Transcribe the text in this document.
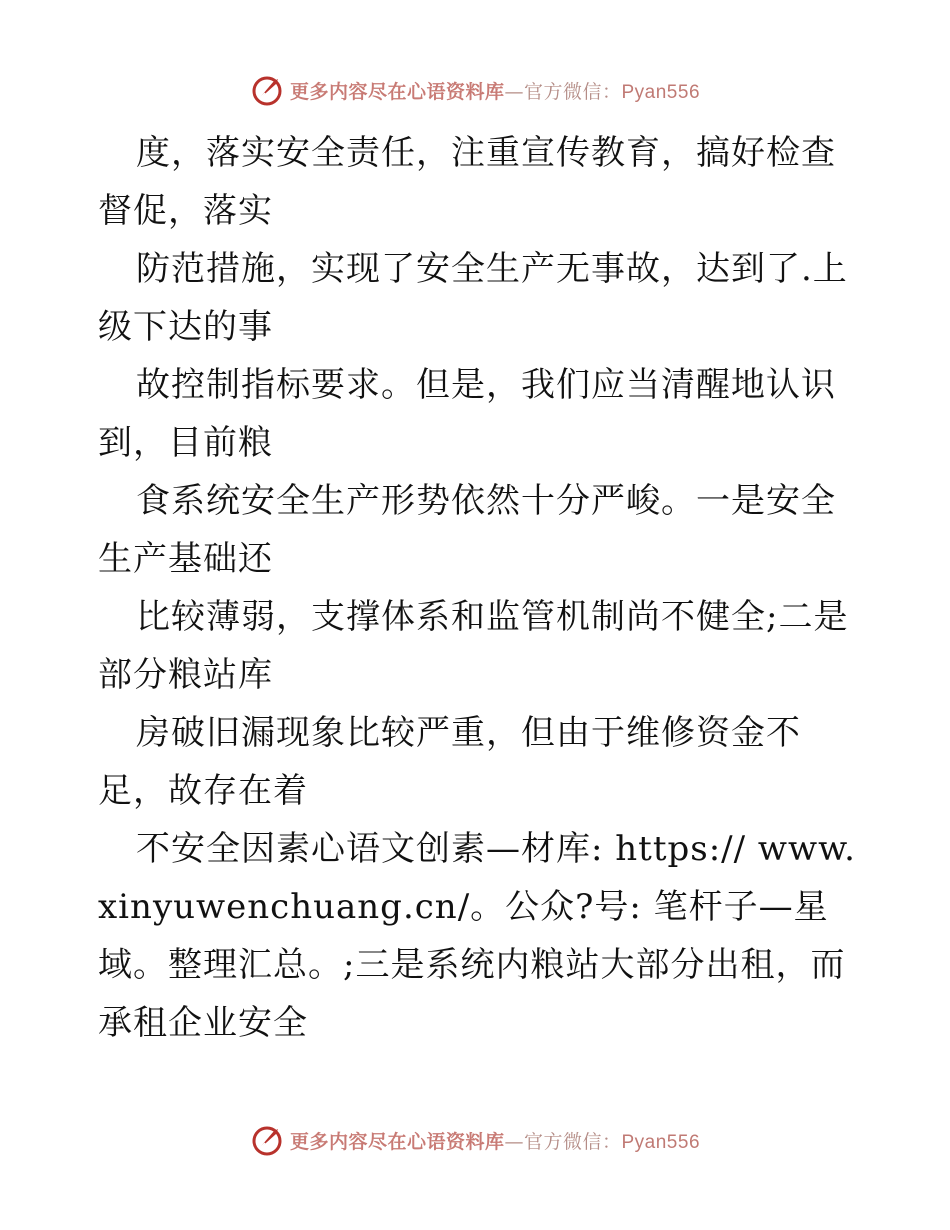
更多内容尽在心语资料库—官方微信：Pyan556

度，落实安全责任，注重宣传教育，搞好检查督促，落实

防范措施，实现了安全生产无事故，达到了.上级下达的事

故控制指标要求。但是，我们应当清醒地认识到，目前粮

食系统安全生产形势依然十分严峻。一是安全生产基础还

比较薄弱，支撑体系和监管机制尚不健全;二是部分粮站库

房破旧漏现象比较严重，但由于维修资金不足，故存在着

不安全因素心语文创素—材库: https:// www.xinyuwenchuang.cn/。公众?号: 笔杆子—星域。整理汇总。;三是系统内粮站大部分出租，而承租企业安全

更多内容尽在心语资料库—官方微信：Pyan556
